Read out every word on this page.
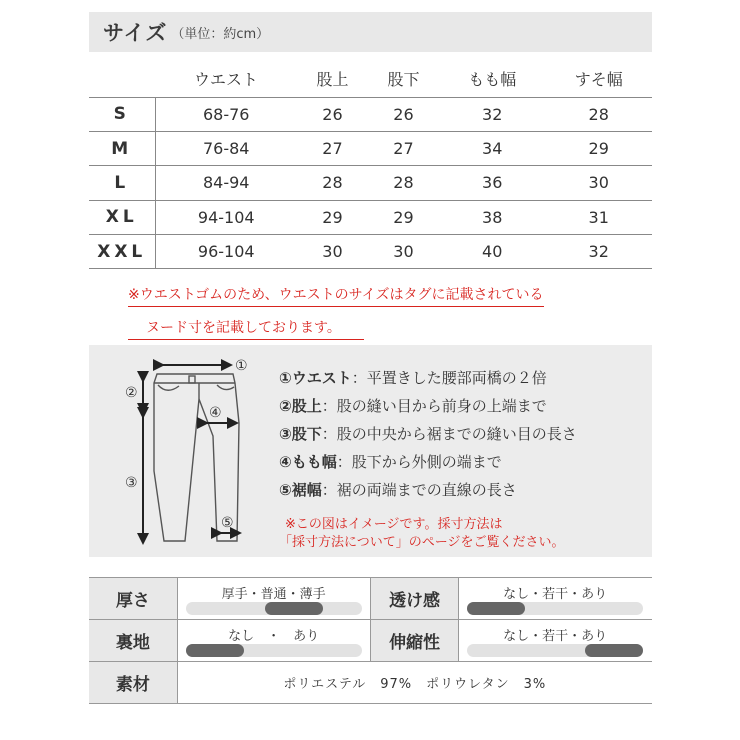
サイズ （単位：約cm）
	ウエスト	股上	股下	もも幅	すそ幅
S	68-76	26	26	32	28
M	76-84	27	27	34	29
L	84-94	28	28	36	30
XL	94-104	29	29	38	31
XXL	96-104	30	30	40	32
※ウエストゴムのため、ウエストのサイズはタグに記載されている
ヌード寸を記載しております。
①
②
③
④
⑤
①ウエスト ：平置きした腰部両橋の２倍
②股上 ：股の縫い目から前身の上端まで
③股下 ：股の中央から裾までの縫い目の長さ
④もも幅 ：股下から外側の端まで
⑤裾幅 ：裾の両端までの直線の長さ
※この図はイメージです。採寸方法は
「採寸方法について」のページをご覧ください。
厚さ	厚手・普通・薄手	透け感	なし・若干・あり

裏地	なし　・　あり	伸縮性	なし・若干・あり

素材	ポリエステル　97%　ポリウレタン　3%		
